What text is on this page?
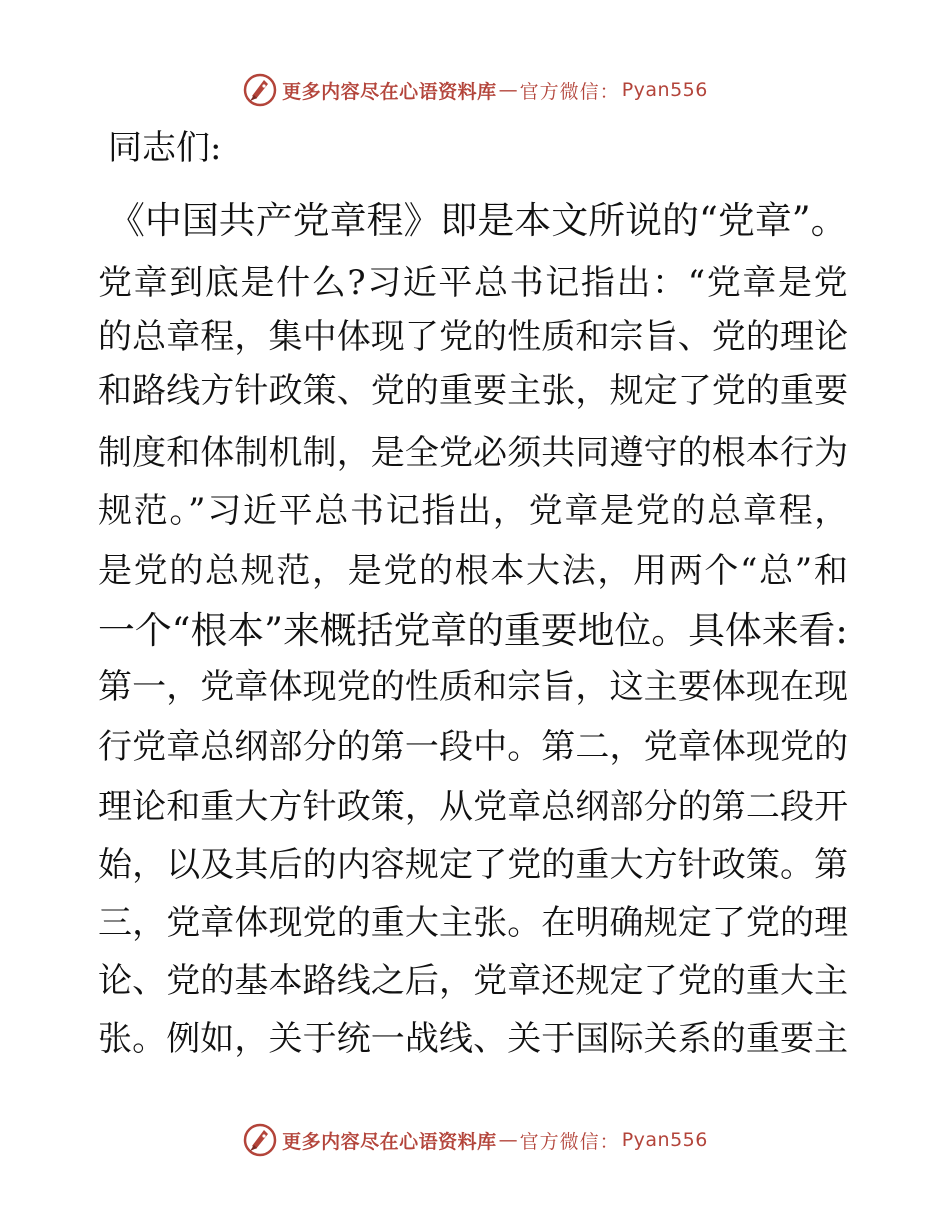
更多内容尽在心语资料库 — 官方微信： Pyan556
同志们:
《中国共产党章程》即是本文所说的“党章”。
党章到底是什么?习近平总书记指出：“党章是党
的总章程，集中体现了党的性质和宗旨、党的理论
和路线方针政策、党的重要主张，规定了党的重要
制度和体制机制，是全党必须共同遵守的根本行为
规范。”习近平总书记指出，党章是党的总章程，
是党的总规范，是党的根本大法，用两个“总”和
一个“根本”来概括党章的重要地位。具体来看:
第一，党章体现党的性质和宗旨，这主要体现在现
行党章总纲部分的第一段中。第二，党章体现党的
理论和重大方针政策，从党章总纲部分的第二段开
始，以及其后的内容规定了党的重大方针政策。第
三，党章体现党的重大主张。在明确规定了党的理
论、党的基本路线之后，党章还规定了党的重大主
张。例如，关于统一战线、关于国际关系的重要主
更多内容尽在心语资料库 — 官方微信： Pyan556
